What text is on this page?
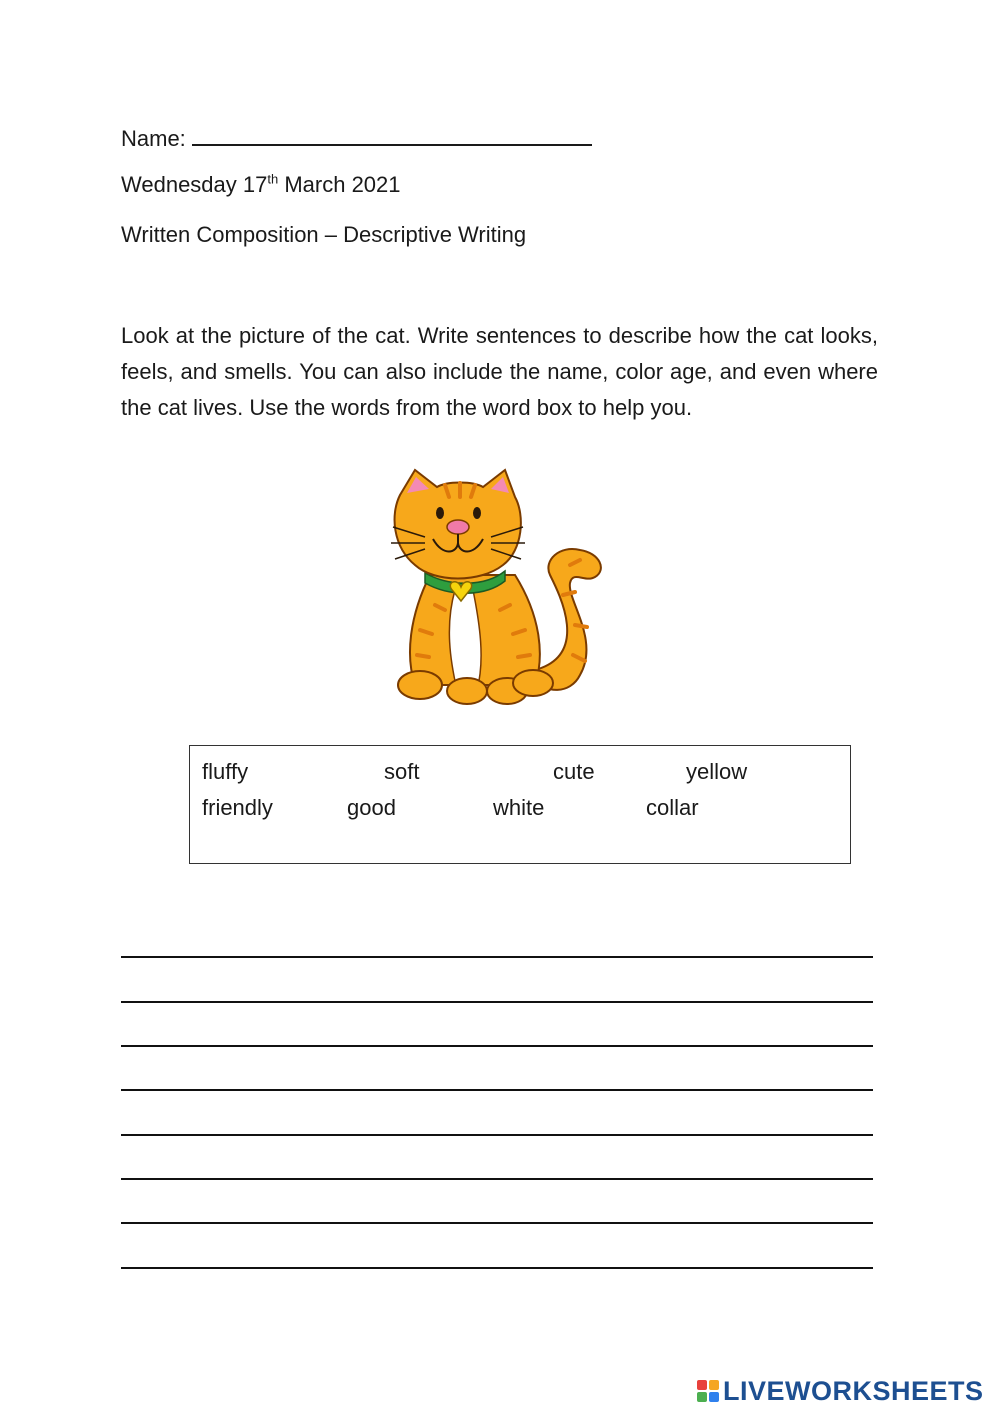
Name:
Wednesday 17th March 2021
Written Composition – Descriptive Writing

Look at the picture of the cat. Write sentences to describe how the cat looks, feels, and smells. You can also include the name, color age, and even where the cat lives. Use the words from the word box to help you.

fluffy	soft	cute	yellow
friendly	good	white	collar
LIVEWORKSHEETS
